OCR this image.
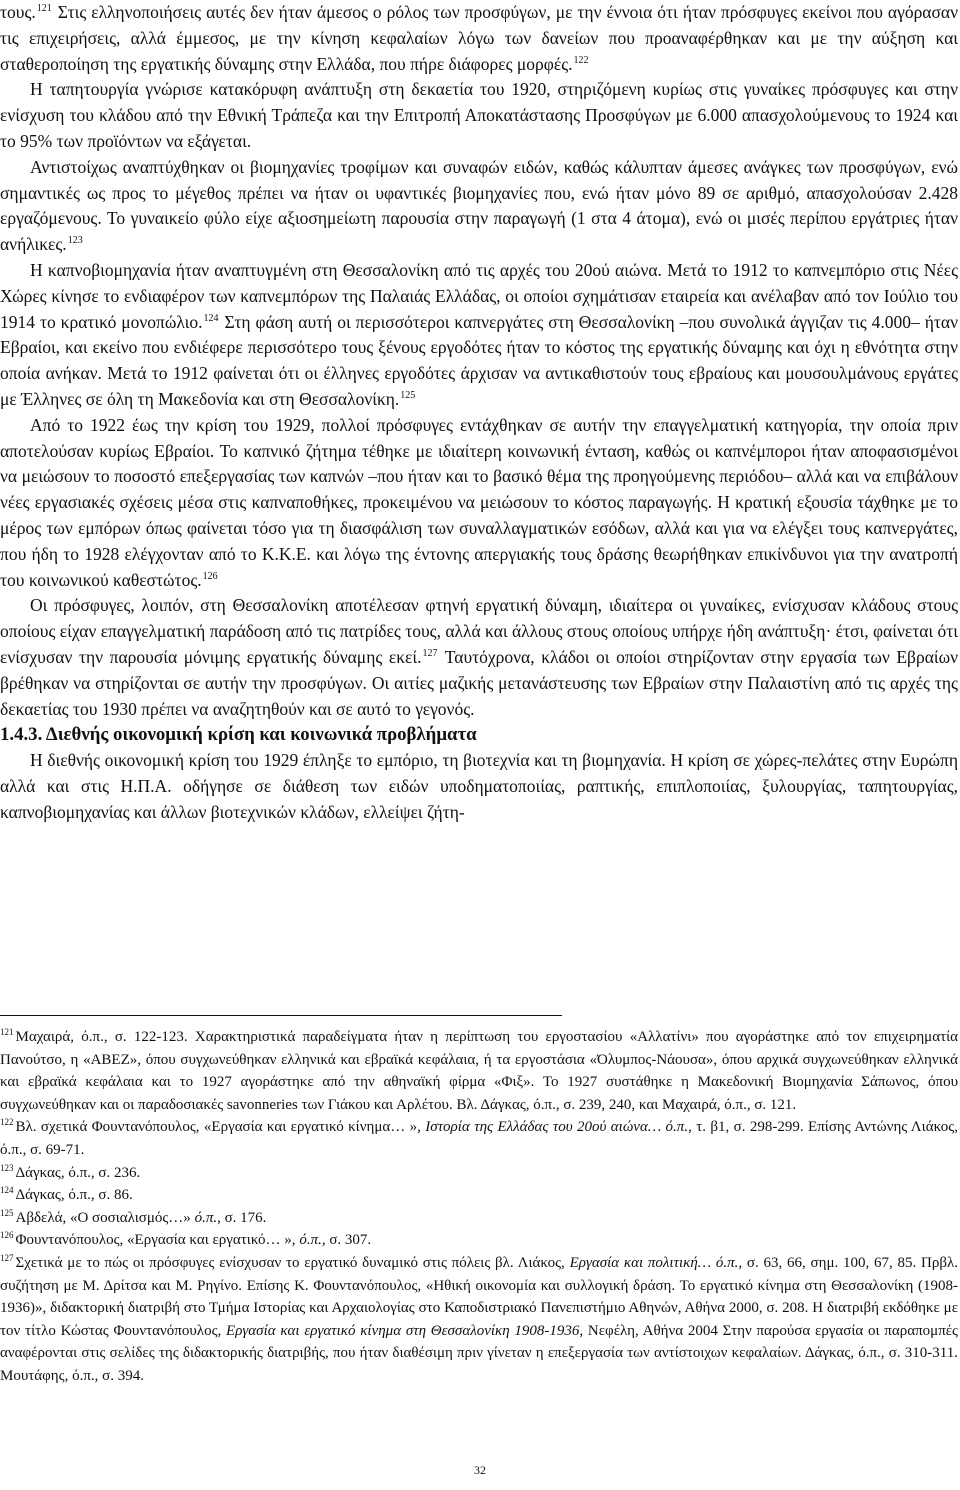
τους.$^{121}$ Στις ελληνοποιήσεις αυτές δεν ήταν άμεσος ο ρόλος των προσφύγων, με την έννοια ότι ήταν πρόσφυγες εκείνοι που αγόρασαν τις επιχειρήσεις, αλλά έμμεσος, με την κίνηση κεφαλαίων λόγω των δανείων που προαναφέρθηκαν και με την αύξηση και σταθεροποίηση της εργατικής δύναμης στην Ελλάδα, που πήρε διάφορες μορφές.$^{122}$

Η ταπητουργία γνώρισε κατακόρυφη ανάπτυξη στη δεκαετία του 1920, στηριζόμενη κυρίως στις γυναίκες πρόσφυγες και στην ενίσχυση του κλάδου από την Εθνική Τράπεζα και την Επιτροπή Αποκατάστασης Προσφύγων με 6.000 απασχολούμενους το 1924 και το 95% των προϊόντων να εξάγεται.

Αντιστοίχως αναπτύχθηκαν οι βιομηχανίες τροφίμων και συναφών ειδών, καθώς κάλυπταν άμεσες ανάγκες των προσφύγων, ενώ σημαντικές ως προς το μέγεθος πρέπει να ήταν οι υφαντικές βιομηχανίες που, ενώ ήταν μόνο 89 σε αριθμό, απασχολούσαν 2.428 εργαζόμενους. Το γυναικείο φύλο είχε αξιοσημείωτη παρουσία στην παραγωγή (1 στα 4 άτομα), ενώ οι μισές περίπου εργάτριες ήταν ανήλικες.$^{123}$

Η καπνοβιομηχανία ήταν αναπτυγμένη στη Θεσσαλονίκη από τις αρχές του 20ού αιώνα. Μετά το 1912 το καπνεμπόριο στις Νέες Χώρες κίνησε το ενδιαφέρον των καπνεμπόρων της Παλαιάς Ελλάδας, οι οποίοι σχημάτισαν εταιρεία και ανέλαβαν από τον Ιούλιο του 1914 το κρατικό μονοπώλιο.$^{124}$ Στη φάση αυτή οι περισσότεροι καπνεργάτες στη Θεσσαλονίκη –που συνολικά άγγιζαν τις 4.000– ήταν Εβραίοι, και εκείνο που ενδιέφερε περισσότερο τους ξένους εργοδότες ήταν το κόστος της εργατικής δύναμης και όχι η εθνότητα στην οποία ανήκαν. Μετά το 1912 φαίνεται ότι οι έλληνες εργοδότες άρχισαν να αντικαθιστούν τους εβραίους και μουσουλμάνους εργάτες με Έλληνες σε όλη τη Μακεδονία και στη Θεσσαλονίκη.$^{125}$

Από το 1922 έως την κρίση του 1929, πολλοί πρόσφυγες εντάχθηκαν σε αυτήν την επαγγελματική κατηγορία, την οποία πριν αποτελούσαν κυρίως Εβραίοι. Το καπνικό ζήτημα τέθηκε με ιδιαίτερη κοινωνική ένταση, καθώς οι καπνέμποροι ήταν αποφασισμένοι να μειώσουν το ποσοστό επεξεργασίας των καπνών –που ήταν και το βασικό θέμα της προηγούμενης περιόδου– αλλά και να επιβάλουν νέες εργασιακές σχέσεις μέσα στις καπναποθήκες, προκειμένου να μειώσουν το κόστος παραγωγής. Η κρατική εξουσία τάχθηκε με το μέρος των εμπόρων όπως φαίνεται τόσο για τη διασφάλιση των συναλλαγματικών εσόδων, αλλά και για να ελέγξει τους καπνεργάτες, που ήδη το 1928 ελέγχονταν από το Κ.Κ.Ε. και λόγω της έντονης απεργιακής τους δράσης θεωρήθηκαν επικίνδυνοι για την ανατροπή του κοινωνικού καθεστώτος.$^{126}$

Οι πρόσφυγες, λοιπόν, στη Θεσσαλονίκη αποτέλεσαν φτηνή εργατική δύναμη, ιδιαίτερα οι γυναίκες, ενίσχυσαν κλάδους στους οποίους είχαν επαγγελματική παράδοση από τις πατρίδες τους, αλλά και άλλους στους οποίους υπήρχε ήδη ανάπτυξη· έτσι, φαίνεται ότι ενίσχυσαν την παρουσία μόνιμης εργατικής δύναμης εκεί.$^{127}$ Ταυτόχρονα, κλάδοι οι οποίοι στηρίζονταν στην εργασία των Εβραίων βρέθηκαν να στηρίζονται σε αυτήν την προσφύγων. Οι αιτίες μαζικής μετανάστευσης των Εβραίων στην Παλαιστίνη από τις αρχές της δεκαετίας του 1930 πρέπει να αναζητηθούν και σε αυτό το γεγονός.

1.4.3. Διεθνής οικονομική κρίση και κοινωνικά προβλήματα

Η διεθνής οικονομική κρίση του 1929 έπληξε το εμπόριο, τη βιοτεχνία και τη βιομηχανία. Η κρίση σε χώρες-πελάτες στην Ευρώπη αλλά και στις Η.Π.Α. οδήγησε σε διάθεση των ειδών υποδηματοποιίας, ραπτικής, επιπλοποιίας, ξυλουργίας, ταπητουργίας, καπνοβιομηχανίας και άλλων βιοτεχνικών κλάδων, ελλείψει ζήτη-

$^{121}$ Μαχαιρά, ό.π., σ. 122-123. Χαρακτηριστικά παραδείγματα ήταν η περίπτωση του εργοστασίου «Αλλατίνι» που αγοράστηκε από τον επιχειρηματία Πανούτσο, η «ΑΒΕΖ», όπου συγχωνεύθηκαν ελληνικά και εβραϊκά κεφάλαια, ή τα εργοστάσια «Όλυμπος-Νάουσα», όπου αρχικά συγχωνεύθηκαν ελληνικά και εβραϊκά κεφάλαια και το 1927 αγοράστηκε από την αθηναϊκή φίρμα «Φιξ». Το 1927 συστάθηκε η Μακεδονική Βιομηχανία Σάπωνος, όπου συγχωνεύθηκαν και οι παραδοσιακές savonneries των Γιάκου και Αρλέτου. Βλ. Δάγκας, ό.π., σ. 239, 240, και Μαχαιρά, ό.π., σ. 121.

$^{122}$ Βλ. σχετικά Φουντανόπουλος, «Εργασία και εργατικό κίνημα… », Ιστορία της Ελλάδας του 20ού αιώνα… ό.π., τ. β1, σ. 298-299. Επίσης Αντώνης Λιάκος, ό.π., σ. 69-71.

$^{123}$ Δάγκας, ό.π., σ. 236.

$^{124}$ Δάγκας, ό.π., σ. 86.

$^{125}$ Αβδελά, «Ο σοσιαλισμός…» ό.π., σ. 176.

$^{126}$ Φουντανόπουλος, «Εργασία και εργατικό… », ό.π., σ. 307.

$^{127}$ Σχετικά με το πώς οι πρόσφυγες ενίσχυσαν το εργατικό δυναμικό στις πόλεις βλ. Λιάκος, Εργασία και πολιτική… ό.π., σ. 63, 66, σημ. 100, 67, 85. Πρβλ. συζήτηση με Μ. Δρίτσα και Μ. Ρηγίνο. Επίσης Κ. Φουντανόπουλος, «Ηθική οικονομία και συλλογική δράση. Το εργατικό κίνημα στη Θεσσαλονίκη (1908-1936)», διδακτορική διατριβή στο Τμήμα Ιστορίας και Αρχαιολογίας στο Καποδιστριακό Πανεπιστήμιο Αθηνών, Αθήνα 2000, σ. 208. Η διατριβή εκδόθηκε με τον τίτλο Κώστας Φουντανόπουλος, Εργασία και εργατικό κίνημα στη Θεσσαλονίκη 1908-1936, Νεφέλη, Αθήνα 2004 Στην παρούσα εργασία οι παραπομπές αναφέρονται στις σελίδες της διδακτορικής διατριβής, που ήταν διαθέσιμη πριν γίνεταν η επεξεργασία των αντίστοιχων κεφαλαίων. Δάγκας, ό.π., σ. 310-311. Μουτάφης, ό.π., σ. 394.

32
